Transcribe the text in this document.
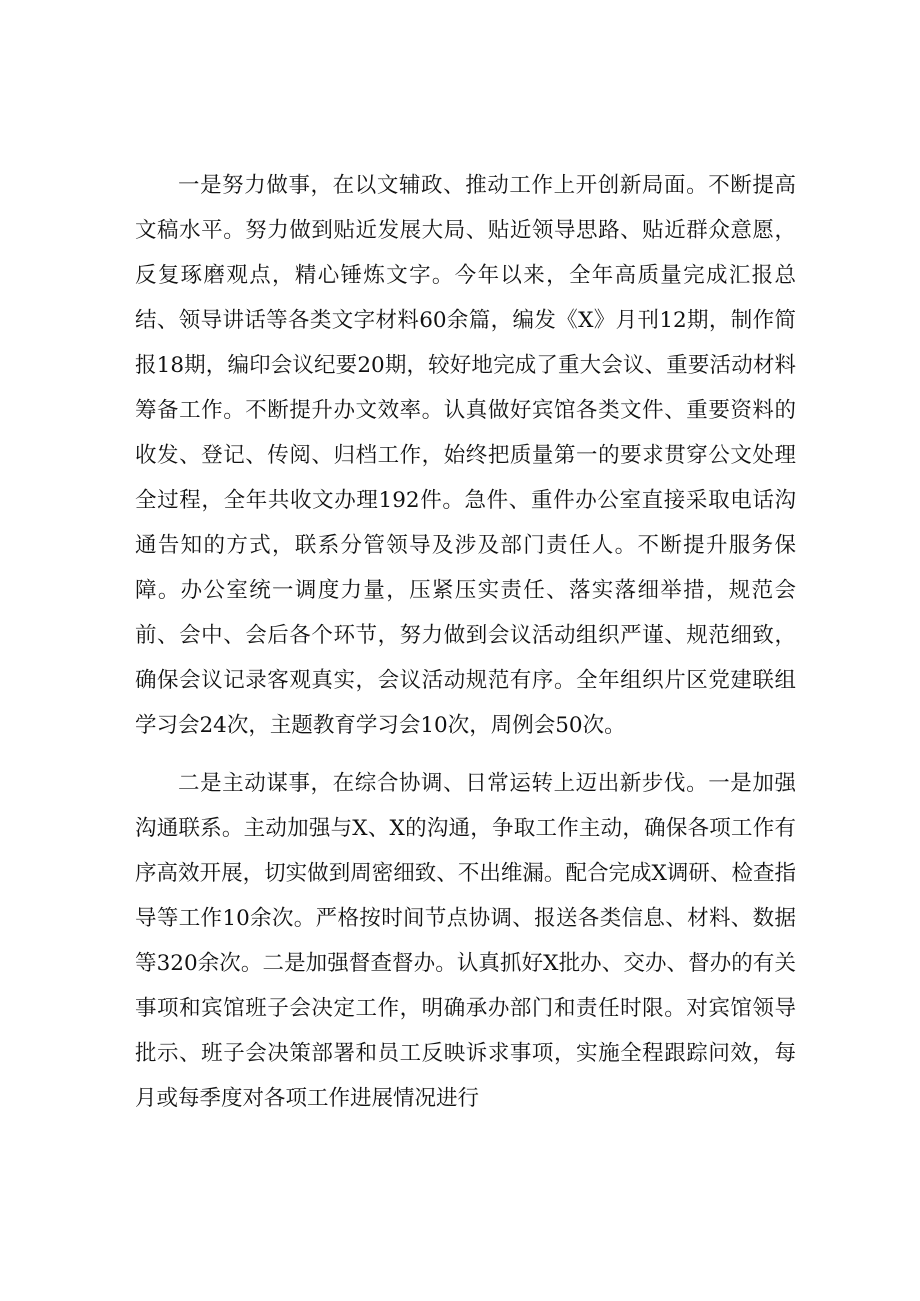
一是努力做事，在以文辅政、推动工作上开创新局面。不断提高文稿水平。努力做到贴近发展大局、贴近领导思路、贴近群众意愿，反复琢磨观点，精心锤炼文字。今年以来，全年高质量完成汇报总结、领导讲话等各类文字材料60余篇，编发《X》月刊12期，制作简报18期，编印会议纪要20期，较好地完成了重大会议、重要活动材料筹备工作。不断提升办文效率。认真做好宾馆各类文件、重要资料的收发、登记、传阅、归档工作，始终把质量第一的要求贯穿公文处理全过程，全年共收文办理192件。急件、重件办公室直接采取电话沟通告知的方式，联系分管领导及涉及部门责任人。不断提升服务保障。办公室统一调度力量，压紧压实责任、落实落细举措，规范会前、会中、会后各个环节，努力做到会议活动组织严谨、规范细致，确保会议记录客观真实，会议活动规范有序。全年组织片区党建联组学习会24次，主题教育学习会10次，周例会50次。

二是主动谋事，在综合协调、日常运转上迈出新步伐。一是加强沟通联系。主动加强与X、X的沟通，争取工作主动，确保各项工作有序高效开展，切实做到周密细致、不出维漏。配合完成X调研、检查指导等工作10余次。严格按时间节点协调、报送各类信息、材料、数据等320余次。二是加强督查督办。认真抓好X批办、交办、督办的有关事项和宾馆班子会决定工作，明确承办部门和责任时限。对宾馆领导批示、班子会决策部署和员工反映诉求事项，实施全程跟踪问效，每月或每季度对各项工作进展情况进行
